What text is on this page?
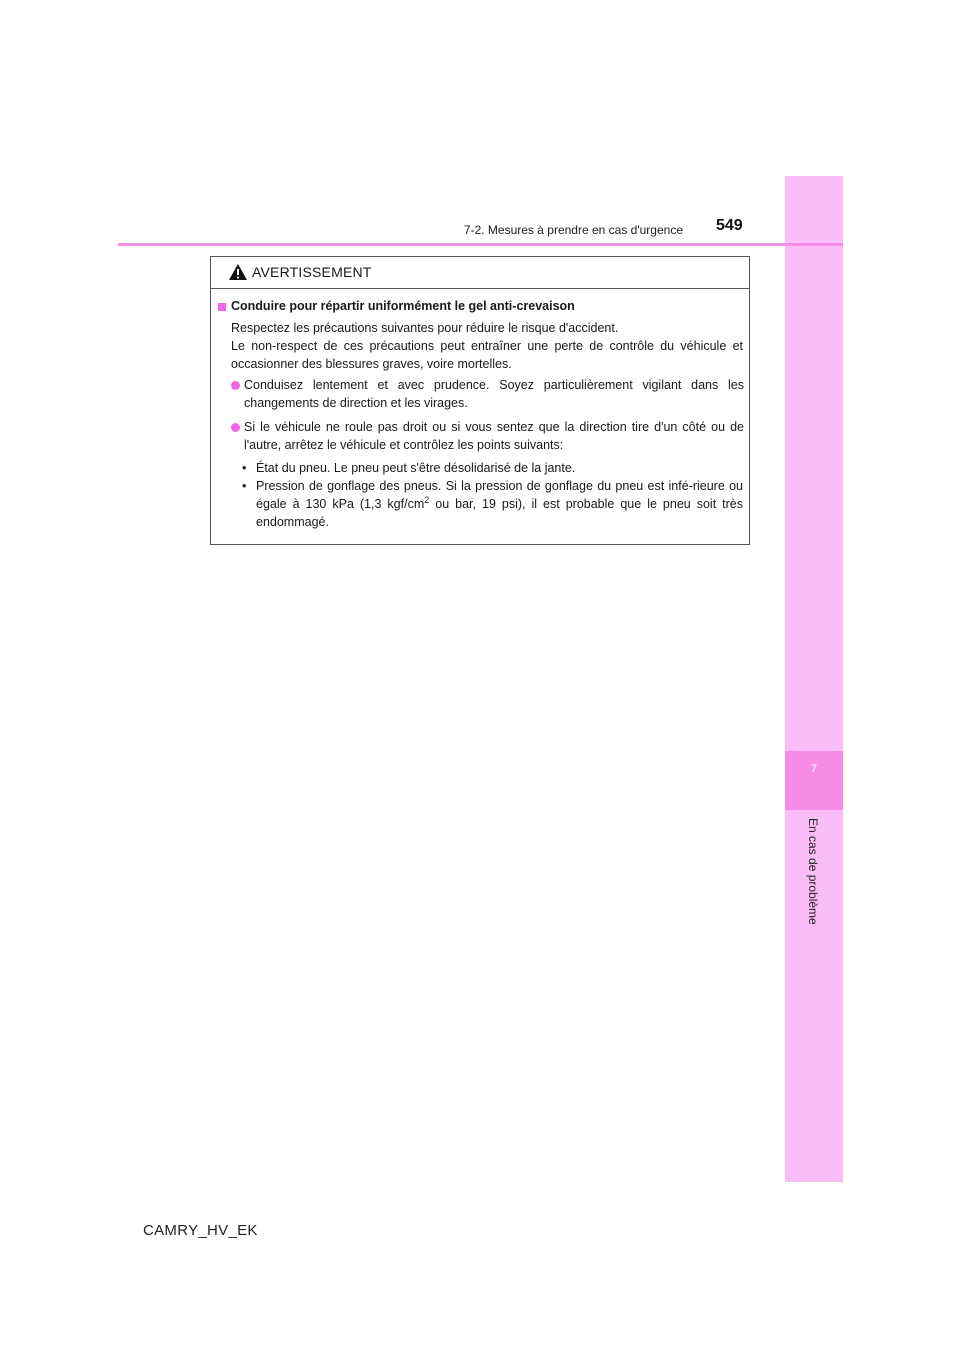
7
En cas de problème
7-2. Mesures à prendre en cas d'urgence 549
AVERTISSEMENT
Conduire pour répartir uniformément le gel anti-crevaison
Respectez les précautions suivantes pour réduire le risque d'accident.
Le non-respect de ces précautions peut entraîner une perte de contrôle du véhicule et occasionner des blessures graves, voire mortelles.
Conduisez lentement et avec prudence. Soyez particulièrement vigilant dans les changements de direction et les virages.
Si le véhicule ne roule pas droit ou si vous sentez que la direction tire d'un côté ou de l'autre, arrêtez le véhicule et contrôlez les points suivants:
• État du pneu. Le pneu peut s'être désolidarisé de la jante.
• Pression de gonflage des pneus. Si la pression de gonflage du pneu est infé-rieure ou égale à 130 kPa (1,3 kgf/$cm^2$ ou bar, 19 psi), il est probable que le pneu soit très endommagé.
CAMRY_HV_EK
